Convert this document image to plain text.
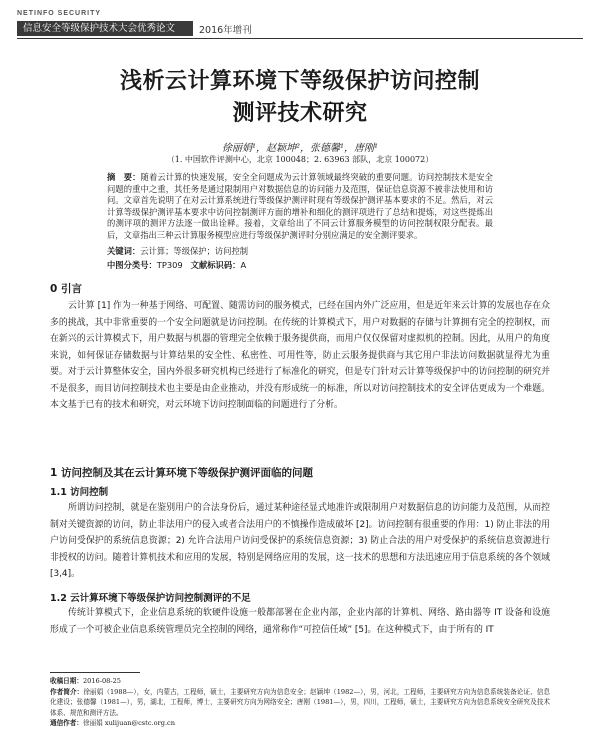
NETINFO SECURITY
信息安全等级保护技术大会优秀论文	2016年增刊
浅析云计算环境下等级保护访问控制
测评技术研究
徐丽娟¹，赵颖坤²，张德馨¹，唐刚¹
（1. 中国软件评测中心，北京 100048；2. 63963 部队，北京 100072）
摘　要：随着云计算的快速发展，安全全问题成为云计算领域最终突破的重要问题。访问控制技术是安全问题的重中之重，其任务是通过限制用户对数据信息的访问能力及范围，保证信息资源不被非法使用和访问。文章首先说明了在对云计算系统进行等级保护测评时现有等级保护测评基本要求的不足。然后，对云计算等级保护测评基本要求中访问控制测评方面的增补和细化的测评项进行了总结和提炼，对这些提炼出的测评项的测评方法逐一做出诠释。接着，文章给出了不同云计算服务模型的访问控制权限分配表。最后，文章指出三种云计算服务模型应进行等级保护测评时分别应满足的安全测评要求。
关键词：云计算；等级保护；访问控制
中图分类号：TP309 文献标识码：A
0 引言
云计算 [1] 作为一种基于网络、可配置、随需访问的服务模式，已经在国内外广泛应用，但是近年来云计算的发展也存在众多的挑战，其中非常重要的一个安全问题就是访问控制。在传统的计算模式下，用户对数据的存储与计算拥有完全的控制权，而在新兴的云计算模式下，用户数据与机器的管理完全依赖于服务提供商，而用户仅仅保留对虚拟机的控制。因此，从用户的角度来说，如何保证存储数据与计算结果的安全性、私密性、可用性等，防止云服务提供商与其它用户非法访问数据就显得尤为重要。对于云计算整体安全，国内外很多研究机构已经进行了标准化的研究，但是专门针对云计算等级保护中的访问控制的研究并不是很多，而目访问控制技术也主要是由企业推动，并没有形成统一的标准，所以对访问控制技术的安全评估更成为一个难题。本文基于已有的技术和研究，对云环境下访问控制面临的问题进行了分析。
1 访问控制及其在云计算环境下等级保护测评面临的问题
1.1 访问控制
所谓访问控制，就是在鉴别用户的合法身份后，通过某种途径显式地准许或限制用户对数据信息的访问能力及范围，从而控制对关键资源的访问，防止非法用户的侵入或者合法用户的不慎操作造成破坏 [2]。访问控制有很重要的作用：1) 防止非法的用户访问受保护的系统信息资源；2) 允许合法用户访问受保护的系统信息资源；3) 防止合法的用户对受保护的系统信息资源进行非授权的访问。随着计算机技术和应用的发展，特别是网络应用的发展，这一技术的思想和方法迅速应用于信息系统的各个领域 [3,4]。
1.2 云计算环境下等级保护访问控制测评的不足
传统计算模式下，企业信息系统的软硬件设施一般都部署在企业内部，企业内部的计算机、网络、路由器等 IT 设备和设施形成了一个可被企业信息系统管理员完全控制的网络，通常称作“可控信任域” [5]。在这种模式下，由于所有的 IT
收稿日期：2016-08-25
作者简介：徐丽娟（1988—），女，内蒙古，工程师，硕士，主要研究方向为信息安全；赵颖坤（1982—），男，河北，工程师，主要研究方向为信息系统装备论证、信息化建设；张德馨（1981—），男，湖北，工程师，博士，主要研究方向为网络安全；唐刚（1981—），男，四川，工程师，硕士，主要研究方向为信息系统安全研究及技术体系、规范和测评方法。
通信作者：徐丽娟 xulijuan@cstc.org.cn
